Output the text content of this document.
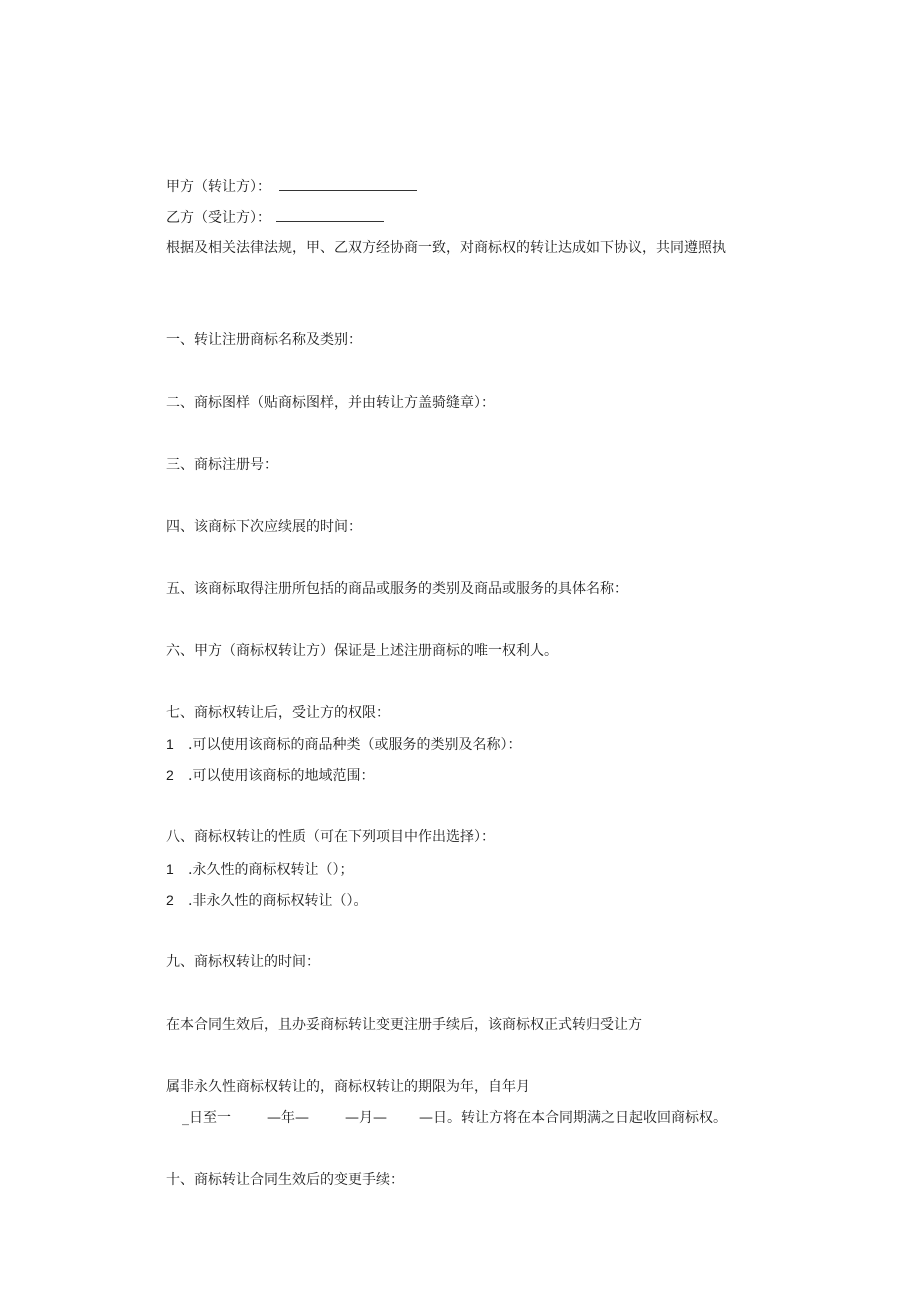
甲方（转让方）：
乙方（受让方）：
根据及相关法律法规，甲、乙双方经协商一致，对商标权的转让达成如下协议，共同遵照执
一、转让注册商标名称及类别：
二、商标图样（贴商标图样，并由转让方盖骑缝章）：
三、商标注册号：
四、该商标下次应续展的时间：
五、该商标取得注册所包括的商品或服务的类别及商品或服务的具体名称：
六、甲方（商标权转让方）保证是上述注册商标的唯一权利人。
七、商标权转让后，受让方的权限：
1 .可以使用该商标的商品种类（或服务的类别及名称）：
2 .可以使用该商标的地域范围：
八、商标权转让的性质（可在下列项目中作出选择）：
1 .永久性的商标权转让（）；
2 .非永久性的商标权转让（）。
九、商标权转让的时间：
在本合同生效后，且办妥商标转让变更注册手续后，该商标权正式转归受让方
属非永久性商标权转让的，商标权转让的期限为年，自年月
_日至一	—年—	—月— —日。转让方将在本合同期满之日起收回商标权。
十、商标转让合同生效后的变更手续：
